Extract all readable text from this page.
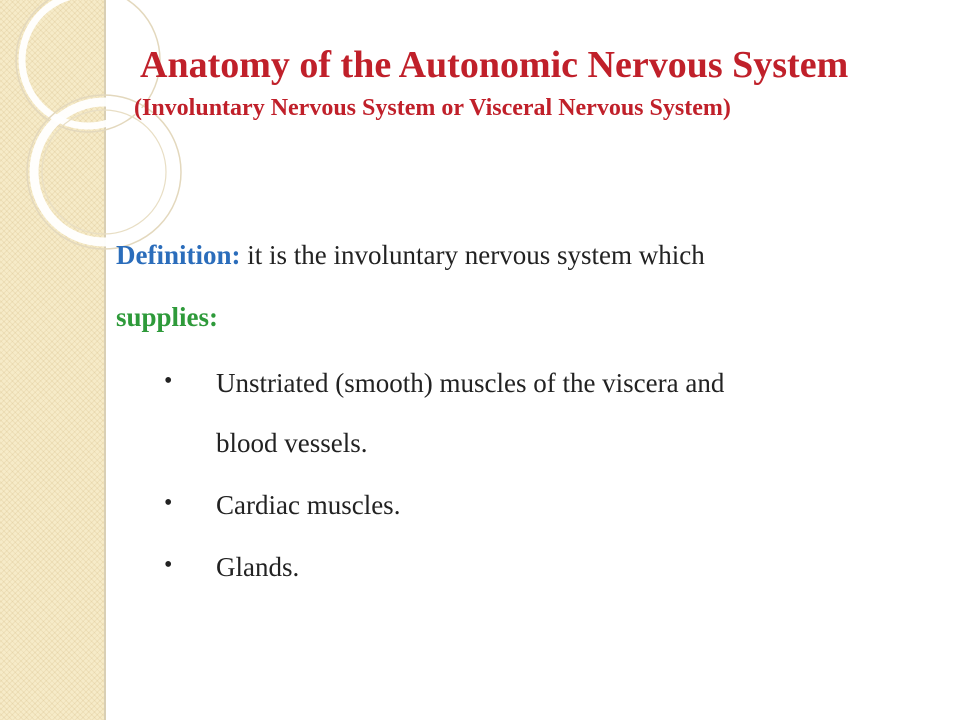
Anatomy of the Autonomic Nervous System
(Involuntary Nervous System or Visceral Nervous System)
Definition: it is the involuntary nervous system which
supplies:
• Unstriated (smooth) muscles of the viscera and
blood vessels.
• Cardiac muscles.
• Glands.
